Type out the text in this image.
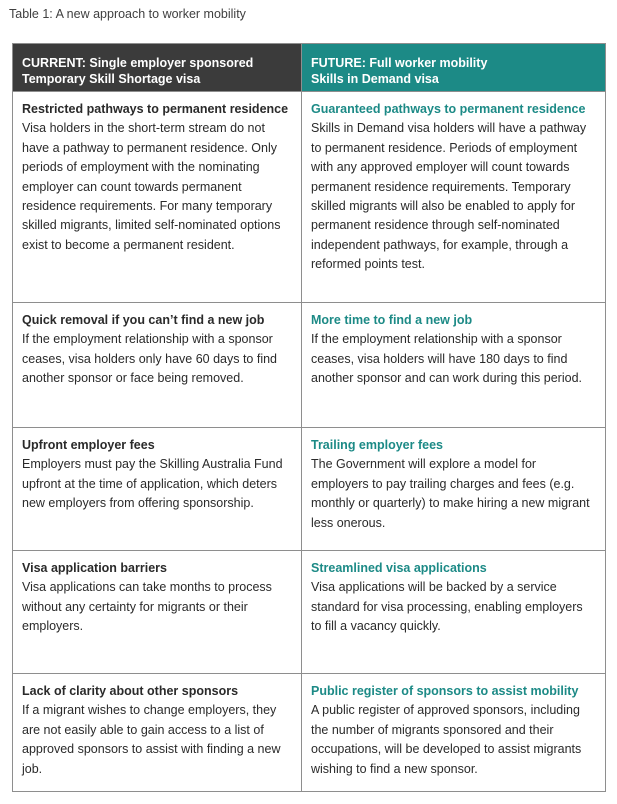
Table 1: A new approach to worker mobility
CURRENT: Single employer sponsored
Temporary Skill Shortage visa
FUTURE: Full worker mobility
Skills in Demand visa
Restricted pathways to permanent residence
Visa holders in the short-term stream do not have a pathway to permanent residence. Only periods of employment with the nominating employer can count towards permanent residence requirements. For many temporary skilled migrants, limited self-nominated options exist to become a permanent resident.
Guaranteed pathways to permanent residence
Skills in Demand visa holders will have a pathway to permanent residence. Periods of employment with any approved employer will count towards permanent residence requirements. Temporary skilled migrants will also be enabled to apply for permanent residence through self-nominated independent pathways, for example, through a reformed points test.
Quick removal if you can’t find a new job
If the employment relationship with a sponsor ceases, visa holders only have 60 days to find another sponsor or face being removed.
More time to find a new job
If the employment relationship with a sponsor ceases, visa holders will have 180 days to find another sponsor and can work during this period.
Upfront employer fees
Employers must pay the Skilling Australia Fund upfront at the time of application, which deters new employers from offering sponsorship.
Trailing employer fees
The Government will explore a model for employers to pay trailing charges and fees (e.g. monthly or quarterly) to make hiring a new migrant less onerous.
Visa application barriers
Visa applications can take months to process without any certainty for migrants or their employers.
Streamlined visa applications
Visa applications will be backed by a service standard for visa processing, enabling employers to fill a vacancy quickly.
Lack of clarity about other sponsors
If a migrant wishes to change employers, they are not easily able to gain access to a list of approved sponsors to assist with finding a new job.
Public register of sponsors to assist mobility
A public register of approved sponsors, including the number of migrants sponsored and their occupations, will be developed to assist migrants wishing to find a new sponsor.
